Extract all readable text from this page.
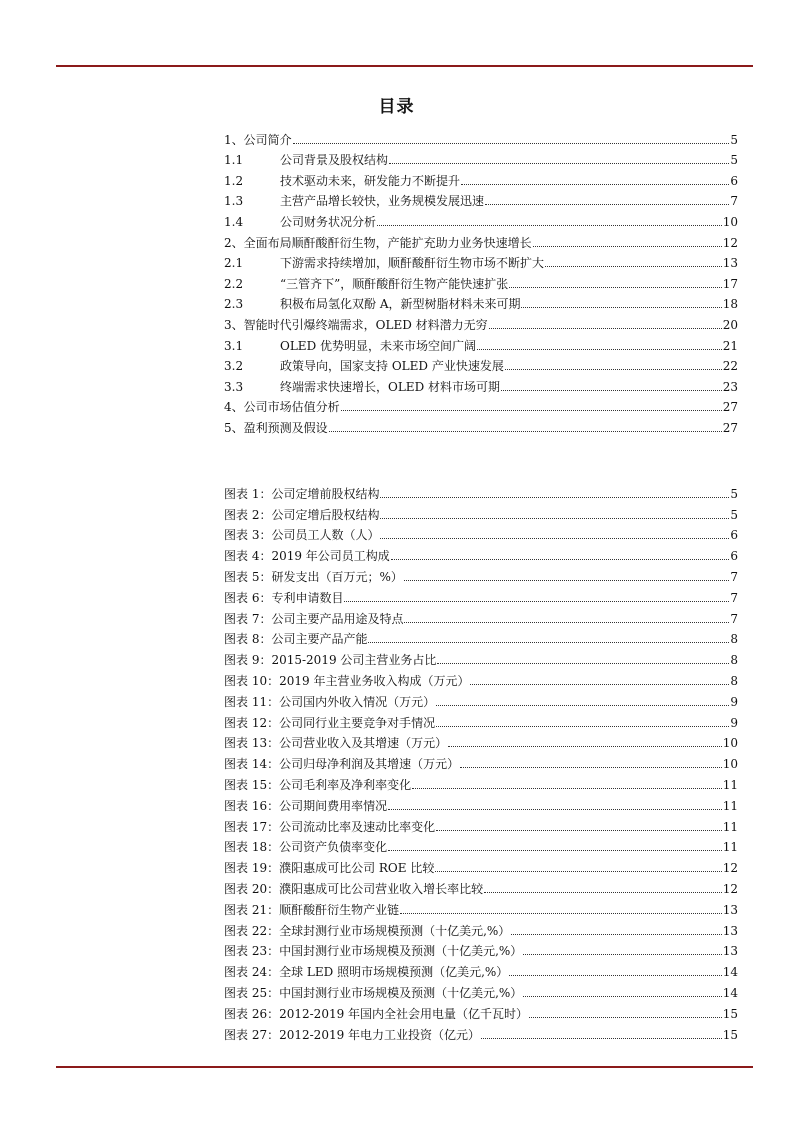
目录
1、 公司简介	5
1.1	公司背景及股权结构	5
1.2	技术驱动未来，研发能力不断提升	6
1.3	主营产品增长较快，业务规模发展迅速	7
1.4	公司财务状况分析	10
2、 全面布局顺酐酸酐衍生物，产能扩充助力业务快速增长	12
2.1	下游需求持续增加，顺酐酸酐衍生物市场不断扩大	13
2.2	“三管齐下”，顺酐酸酐衍生物产能快速扩张	17
2.3	积极布局氢化双酚 A，新型树脂材料未来可期	18
3、 智能时代引爆终端需求，OLED 材料潜力无穷	20
3.1	OLED 优势明显，未来市场空间广阔	21
3.2	政策导向，国家支持 OLED 产业快速发展	22
3.3	终端需求快速增长，OLED 材料市场可期	23
4、 公司市场估值分析	27
5、 盈利预测及假设	27
图表 1：公司定增前股权结构	5
图表 2：公司定增后股权结构	5
图表 3：公司员工人数（人）	6
图表 4：2019 年公司员工构成	6
图表 5：研发支出（百万元；%）	7
图表 6：专利申请数目	7
图表 7：公司主要产品用途及特点	7
图表 8：公司主要产品产能	8
图表 9：2015-2019 公司主营业务占比	8
图表 10：2019 年主营业务收入构成（万元）	8
图表 11：公司国内外收入情况（万元）	9
图表 12：公司同行业主要竞争对手情况	9
图表 13：公司营业收入及其增速（万元）	10
图表 14：公司归母净利润及其增速（万元）	10
图表 15：公司毛利率及净利率变化	11
图表 16：公司期间费用率情况	11
图表 17：公司流动比率及速动比率变化	11
图表 18：公司资产负债率变化	11
图表 19：濮阳惠成可比公司 ROE 比较	12
图表 20：濮阳惠成可比公司营业收入增长率比较	12
图表 21：顺酐酸酐衍生物产业链	13
图表 22：全球封测行业市场规模预测（十亿美元,%）	13
图表 23：中国封测行业市场规模及预测（十亿美元,%）	13
图表 24：全球 LED 照明市场规模预测（亿美元,%）	14
图表 25：中国封测行业市场规模及预测（十亿美元,%）	14
图表 26：2012-2019 年国内全社会用电量（亿千瓦时）	15
图表 27：2012-2019 年电力工业投资（亿元）	15
